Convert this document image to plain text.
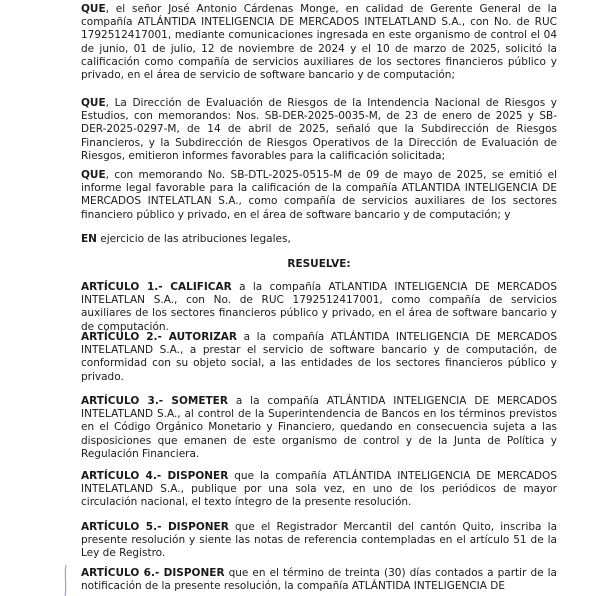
QUE, el señor José Antonio Cárdenas Monge, en calidad de Gerente General de la compañía ATLÁNTIDA INTELIGENCIA DE MERCADOS INTELATLAND S.A., con No. de RUC 1792512417001, mediante comunicaciones ingresada en este organismo de control el 04 de junio, 01 de julio, 12 de noviembre de 2024 y el 10 de marzo de 2025, solicitó la calificación como compañía de servicios auxiliares de los sectores financieros público y privado, en el área de servicio de software bancario y de computación;

QUE, La Dirección de Evaluación de Riesgos de la Intendencia Nacional de Riesgos y Estudios, con memorandos: Nos. SB-DER-2025-0035-M, de 23 de enero de 2025 y SB-DER-2025-0297-M, de 14 de abril de 2025, señaló que la Subdirección de Riesgos Financieros, y la Subdirección de Riesgos Operativos de la Dirección de Evaluación de Riesgos, emitieron informes favorables para la calificación solicitada;

QUE, con memorando No. SB-DTL-2025-0515-M de 09 de mayo de 2025, se emitió el informe legal favorable para la calificación de la compañía ATLANTIDA INTELIGENCIA DE MERCADOS INTELATLAN S.A., como compañía de servicios auxiliares de los sectores financiero público y privado, en el área de software bancario y de computación; y

EN ejercicio de las atribuciones legales,

RESUELVE:

ARTÍCULO 1.- CALIFICAR a la compañía ATLANTIDA INTELIGENCIA DE MERCADOS INTELATLAN S.A., con No. de RUC 1792512417001, como compañía de servicios auxiliares de los sectores financieros público y privado, en el área de software bancario y de computación.

ARTÍCULO 2.- AUTORIZAR a la compañía ATLÁNTIDA INTELIGENCIA DE MERCADOS INTELATLAND S.A., a prestar el servicio de software bancario y de computación, de conformidad con su objeto social, a las entidades de los sectores financieros público y privado.

ARTÍCULO 3.- SOMETER a la compañía ATLÁNTIDA INTELIGENCIA DE MERCADOS INTELATLAND S.A., al control de la Superintendencia de Bancos en los términos previstos en el Código Orgánico Monetario y Financiero, quedando en consecuencia sujeta a las disposiciones que emanen de este organismo de control y de la Junta de Política y Regulación Financiera.

ARTÍCULO 4.- DISPONER que la compañía ATLÁNTIDA INTELIGENCIA DE MERCADOS INTELATLAND S.A., publique por una sola vez, en uno de los periódicos de mayor circulación nacional, el texto íntegro de la presente resolución.

ARTÍCULO 5.- DISPONER que el Registrador Mercantil del cantón Quito, inscriba la presente resolución y siente las notas de referencia contempladas en el artículo 51 de la Ley de Registro.

ARTÍCULO 6.- DISPONER que en el término de treinta (30) días contados a partir de la notificación de la presente resolución, la compañía ATLÁNTIDA INTELIGENCIA DE
